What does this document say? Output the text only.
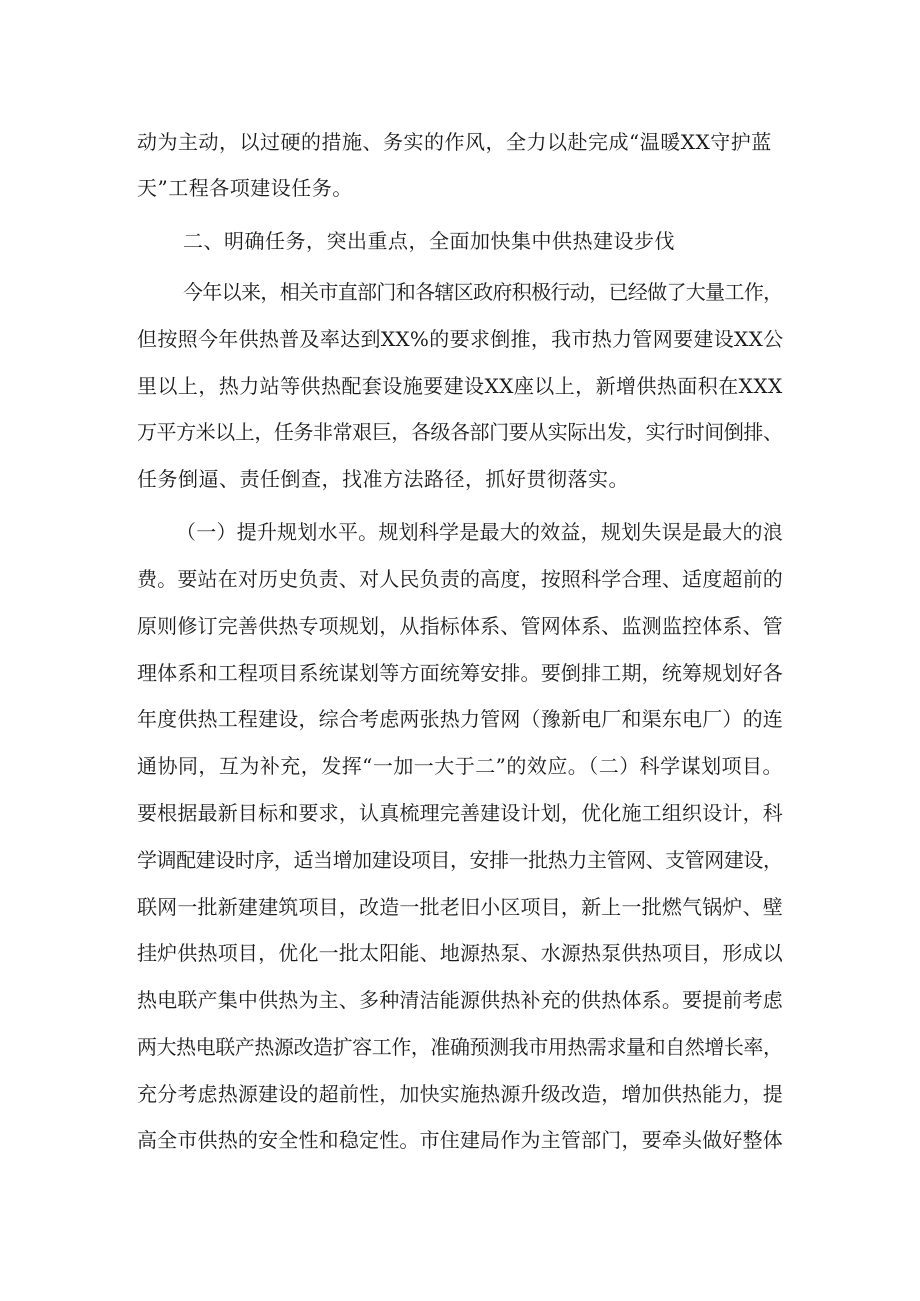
动为主动，以过硬的措施、务实的作风，全力以赴完成“温暖XX守护蓝
天”工程各项建设任务。
二、明确任务，突出重点，全面加快集中供热建设步伐
今年以来，相关市直部门和各辖区政府积极行动，已经做了大量工作，
但按照今年供热普及率达到XX%的要求倒推，我市热力管网要建设XX公
里以上，热力站等供热配套设施要建设XX座以上，新增供热面积在XXX
万平方米以上，任务非常艰巨，各级各部门要从实际出发，实行时间倒排、
任务倒逼、责任倒查，找准方法路径，抓好贯彻落实。
（一）提升规划水平。规划科学是最大的效益，规划失误是最大的浪
费。要站在对历史负责、对人民负责的高度，按照科学合理、适度超前的
原则修订完善供热专项规划，从指标体系、管网体系、监测监控体系、管
理体系和工程项目系统谋划等方面统筹安排。要倒排工期，统筹规划好各
年度供热工程建设，综合考虑两张热力管网（豫新电厂和渠东电厂）的连
通协同，互为补充，发挥“一加一大于二”的效应。（二）科学谋划项目。
要根据最新目标和要求，认真梳理完善建设计划，优化施工组织设计，科
学调配建设时序，适当增加建设项目，安排一批热力主管网、支管网建设，
联网一批新建建筑项目，改造一批老旧小区项目，新上一批燃气锅炉、壁
挂炉供热项目，优化一批太阳能、地源热泵、水源热泵供热项目，形成以
热电联产集中供热为主、多种清洁能源供热补充的供热体系。要提前考虑
两大热电联产热源改造扩容工作，准确预测我市用热需求量和自然增长率，
充分考虑热源建设的超前性，加快实施热源升级改造，增加供热能力，提
高全市供热的安全性和稳定性。市住建局作为主管部门，要牵头做好整体
